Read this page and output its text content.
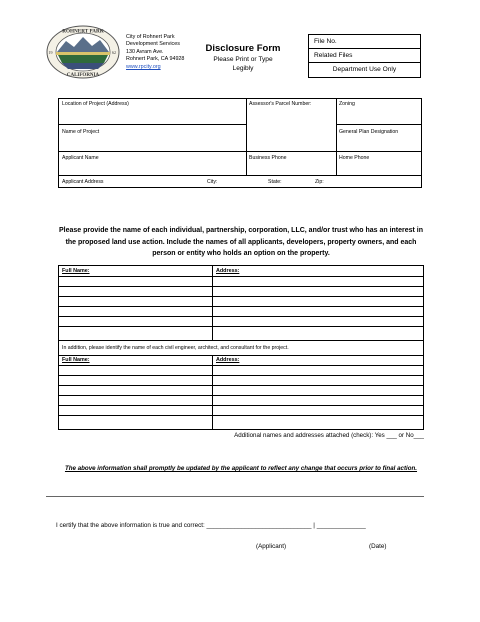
ROHNERT PARK
CALIFORNIA
19	62
City of Rohnert Park
Development Services
130 Avram Ave.
Rohnert Park, CA 94928
www.rpcity.org
Disclosure Form
Please Print or Type
Legibly
File No.
Related Files
Department Use Only
Location of Project (Address)	Assessor's Parcel Number:	Zoning
Name of Project	General Plan Designation
Applicant Name	Business Phone	Home Phone
Applicant Address	City:	State:	Zip:
Please provide the name of each individual, partnership, corporation, LLC, and/or trust who has an interest in the proposed land use action. Include the names of all applicants, developers, property owners, and each person or entity who holds an option on the property.
Full Name:	Address:
In addition, please identify the name of each civil engineer, architect, and consultant for the project.
Full Name:	Address:
Additional names and addresses attached (check): Yes ___ or No___
The above information shall promptly be updated by the applicant to reflect any change that occurs prior to final action.
I certify that the above information is true and correct: ______________________________ | ______________
(Applicant)	(Date)
